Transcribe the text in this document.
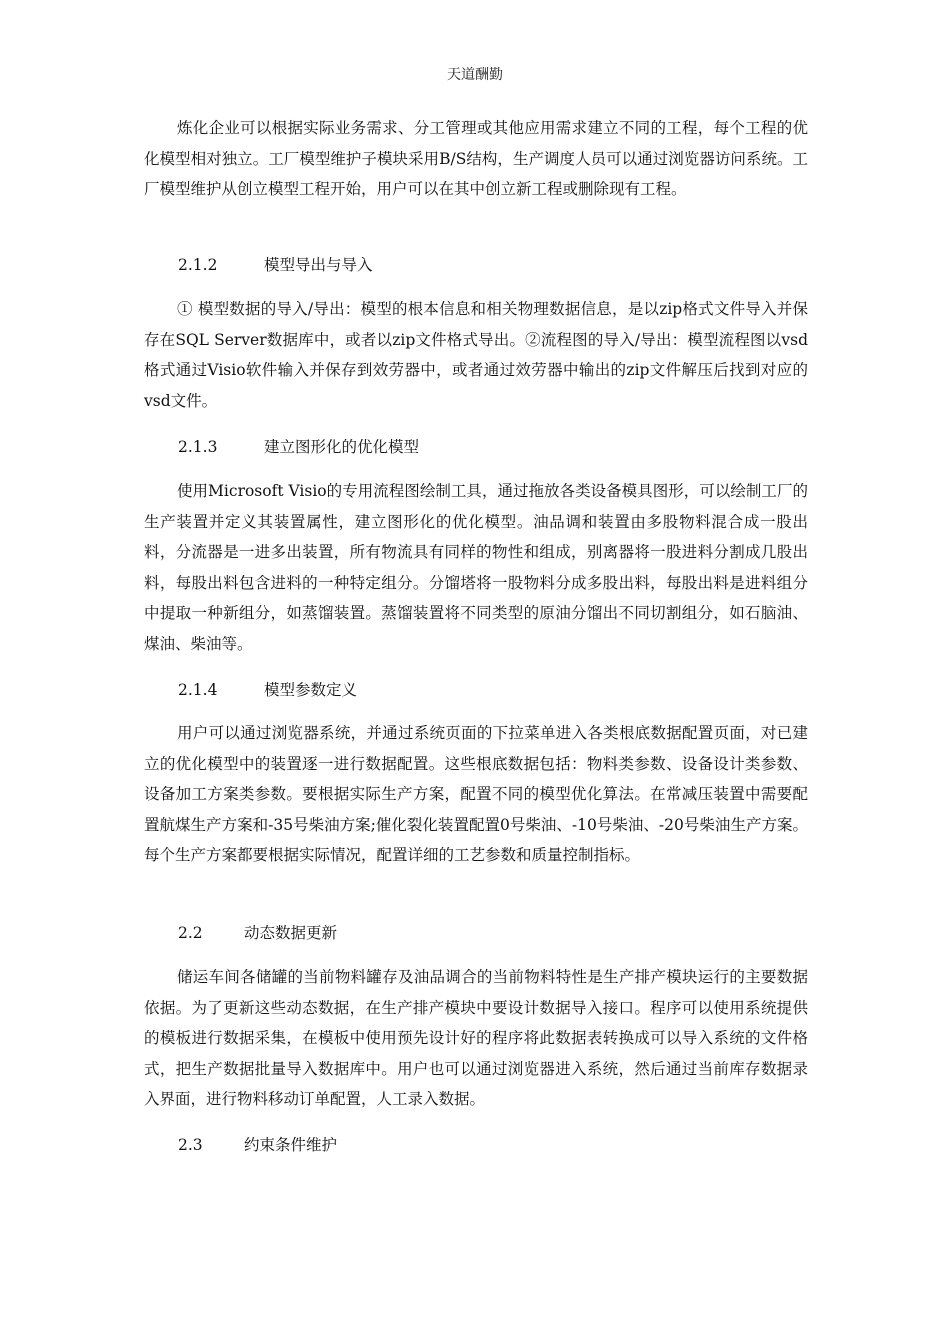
天道酬勤
炼化企业可以根据实际业务需求、分工管理或其他应用需求建立不同的工程，每个工程的优化模型相对独立。工厂模型维护子模块采用B/S结构，生产调度人员可以通过浏览器访问系统。工厂模型维护从创立模型工程开始，用户可以在其中创立新工程或删除现有工程。
2.1.2	模型导出与导入
① 模型数据的导入/导出：模型的根本信息和相关物理数据信息，是以zip格式文件导入并保存在SQL Server数据库中，或者以zip文件格式导出。②流程图的导入/导出：模型流程图以vsd格式通过Visio软件输入并保存到效劳器中，或者通过效劳器中输出的zip文件解压后找到对应的vsd文件。
2.1.3	建立图形化的优化模型
使用Microsoft Visio的专用流程图绘制工具，通过拖放各类设备模具图形，可以绘制工厂的生产装置并定义其装置属性，建立图形化的优化模型。油品调和装置由多股物料混合成一股出料，分流器是一进多出装置，所有物流具有同样的物性和组成，别离器将一股进料分割成几股出料，每股出料包含进料的一种特定组分。分馏塔将一股物料分成多股出料，每股出料是进料组分中提取一种新组分，如蒸馏装置。蒸馏装置将不同类型的原油分馏出不同切割组分，如石脑油、煤油、柴油等。
2.1.4	模型参数定义
用户可以通过浏览器系统，并通过系统页面的下拉菜单进入各类根底数据配置页面，对已建立的优化模型中的装置逐一进行数据配置。这些根底数据包括：物料类参数、设备设计类参数、设备加工方案类参数。要根据实际生产方案，配置不同的模型优化算法。在常减压装置中需要配置航煤生产方案和-35号柴油方案;催化裂化装置配置0号柴油、-10号柴油、-20号柴油生产方案。每个生产方案都要根据实际情况，配置详细的工艺参数和质量控制指标。
2.2	动态数据更新
储运车间各储罐的当前物料罐存及油品调合的当前物料特性是生产排产模块运行的主要数据依据。为了更新这些动态数据，在生产排产模块中要设计数据导入接口。程序可以使用系统提供的模板进行数据采集，在模板中使用预先设计好的程序将此数据表转换成可以导入系统的文件格式，把生产数据批量导入数据库中。用户也可以通过浏览器进入系统，然后通过当前库存数据录入界面，进行物料移动订单配置，人工录入数据。
2.3	约束条件维护
